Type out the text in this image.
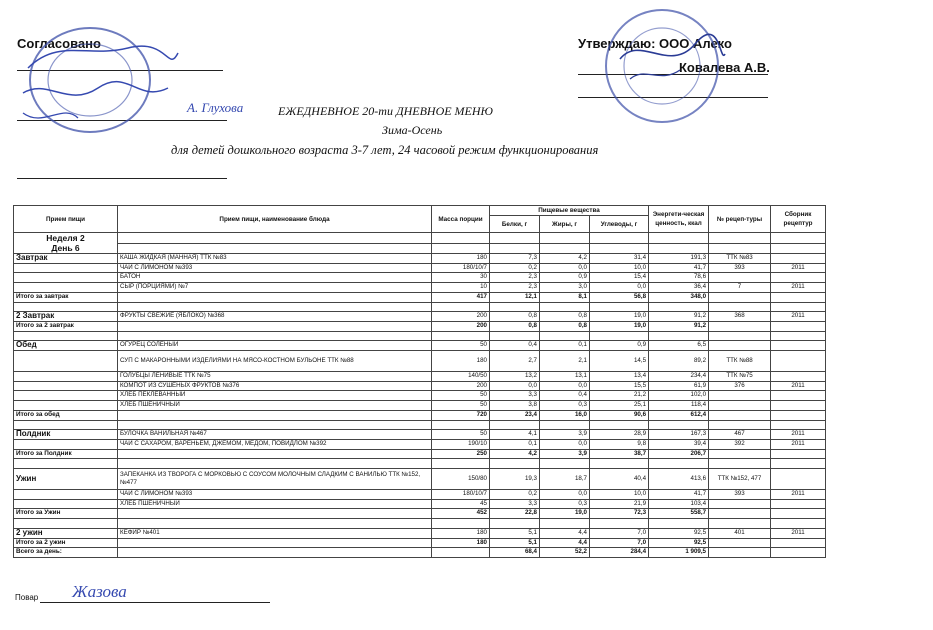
Согласовано
А. Глухова
Утверждаю: ООО Алеко
Ковалева А.В.
ЕЖЕДНЕВНОЕ 20-ти ДНЕВНОЕ МЕНЮ
Зима-Осень
для детей дошкольного возраста 3-7 лет, 24 часовой режим функционирования
Прием пищи	Прием пищи, наименование блюда	Масса порции	Пищевые вещества			Энергети-ческая ценность, ккал	№ рецеп-туры	Сборник рецептур
			Белки, г	Жиры, г	Углеводы, г			
Неделя 2								
День 6								
Завтрак	КАША ЖИДКАЯ (МАННАЯ) ТТК №83	180	7,3	4,2	31,4	191,3	ТТК №83	
	ЧАЙ С ЛИМОНОМ №393	180/10/7	0,2	0,0	10,0	41,7	393	2011
	БАТОН	30	2,3	0,9	15,4	78,6		
	СЫР (ПОРЦИЯМИ) №7	10	2,3	3,0	0,0	36,4	7	2011
Итого за завтрак		417	12,1	8,1	56,8	348,0		

2 Завтрак	ФРУКТЫ СВЕЖИЕ (ЯБЛОКО) №368	200	0,8	0,8	19,0	91,2	368	2011
Итого за 2 завтрак		200	0,8	0,8	19,0	91,2		

Обед	ОГУРЕЦ СОЛЕНЫЙ	50	0,4	0,1	0,9	6,5		
	СУП С МАКАРОННЫМИ ИЗДЕЛИЯМИ НА МЯСО-КОСТНОМ БУЛЬОНЕ ТТК №88	180	2,7	2,1	14,5	89,2	ТТК №88	
	ГОЛУБЦЫ ЛЕНИВЫЕ ТТК №75	140/50	13,2	13,1	13,4	234,4	ТТК №75	
	КОМПОТ ИЗ СУШЕНЫХ ФРУКТОВ №376	200	0,0	0,0	15,5	61,9	376	2011
	ХЛЕБ ПЕКЛЕВАННЫЙ	50	3,3	0,4	21,2	102,0		
	ХЛЕБ ПШЕНИЧНЫЙ	50	3,8	0,3	25,1	118,4		
Итого за обед		720	23,4	16,0	90,6	612,4		

Полдник	БУЛОЧКА ВАНИЛЬНАЯ №467	50	4,1	3,9	28,9	167,3	467	2011
	ЧАЙ С САХАРОМ, ВАРЕНЬЕМ, ДЖЕМОМ, МЕДОМ, ПОВИДЛОМ №392	190/10	0,1	0,0	9,8	39,4	392	2011
Итого за Полдник		250	4,2	3,9	38,7	206,7		

Ужин	ЗАПЕКАНКА ИЗ ТВОРОГА С МОРКОВЬЮ С СОУСОМ МОЛОЧНЫМ СЛАДКИМ С ВАНИЛЬЮ ТТК №152, №477	150/80	19,3	18,7	40,4	413,6	ТТК №152, 477	
	ЧАЙ С ЛИМОНОМ №393	180/10/7	0,2	0,0	10,0	41,7	393	2011
	ХЛЕБ ПШЕНИЧНЫЙ	45	3,3	0,3	21,9	103,4		
Итого за Ужин		452	22,8	19,0	72,3	558,7		

2 ужин	КЕФИР №401	180	5,1	4,4	7,0	92,5	401	2011
Итого за 2 ужин		180	5,1	4,4	7,0	92,5		
Всего за день:			68,4	52,2	284,4	1 909,5		
Повар Жазова
